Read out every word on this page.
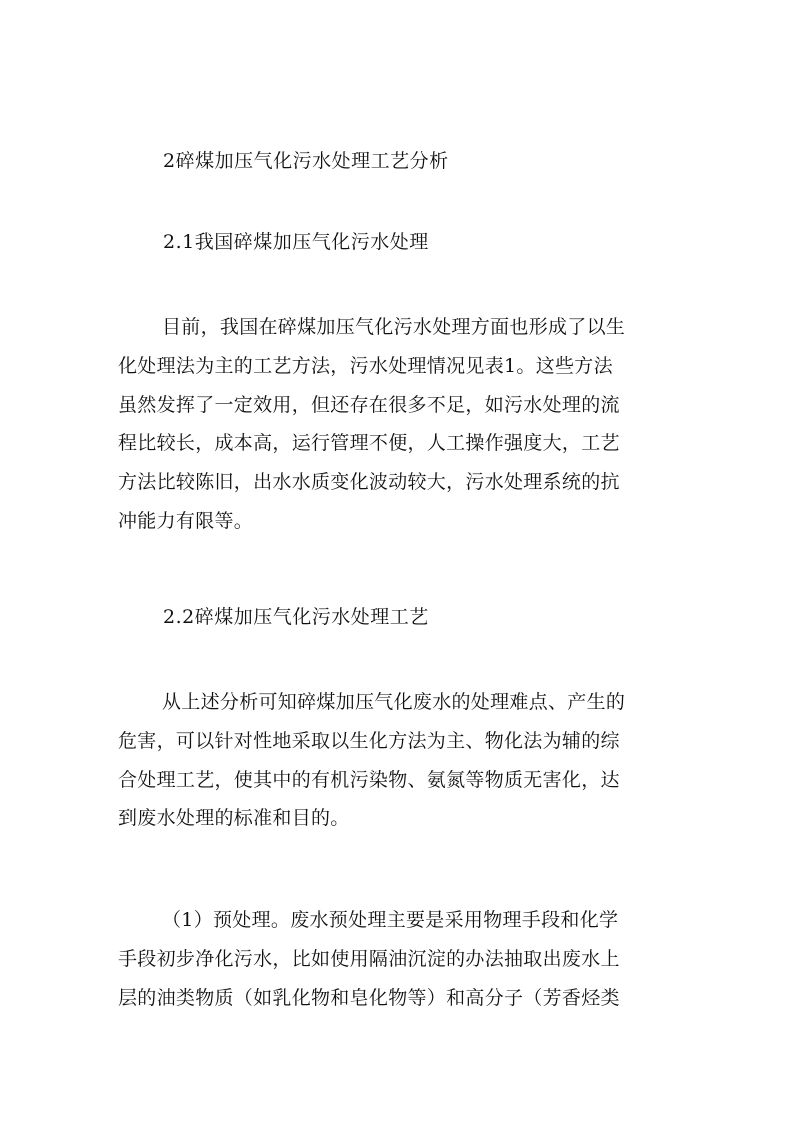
2碎煤加压气化污水处理工艺分析
2.1我国碎煤加压气化污水处理
目前，我国在碎煤加压气化污水处理方面也形成了以生
化处理法为主的工艺方法，污水处理情况见表1。这些方法
虽然发挥了一定效用，但还存在很多不足，如污水处理的流
程比较长，成本高，运行管理不便，人工操作强度大，工艺
方法比较陈旧，出水水质变化波动较大，污水处理系统的抗
冲能力有限等。
2.2碎煤加压气化污水处理工艺
从上述分析可知碎煤加压气化废水的处理难点、产生的
危害，可以针对性地采取以生化方法为主、物化法为辅的综
合处理工艺，使其中的有机污染物、氨氮等物质无害化，达
到废水处理的标准和目的。
（1）预处理。废水预处理主要是采用物理手段和化学
手段初步净化污水，比如使用隔油沉淀的办法抽取出废水上
层的油类物质（如乳化物和皂化物等）和高分子（芳香烃类
